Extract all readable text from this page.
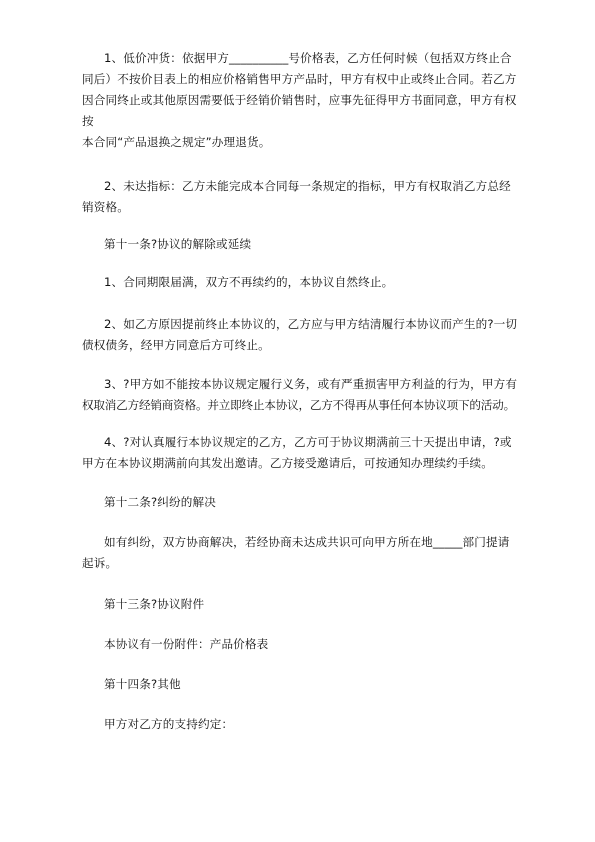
1、低价冲货：依据甲方__________号价格表，乙方任何时候（包括双方终止合
同后）不按价目表上的相应价格销售甲方产品时，甲方有权中止或终止合同。若乙方
因合同终止或其他原因需要低于经销价销售时，应事先征得甲方书面同意，甲方有权按
本合同“产品退换之规定”办理退货。
2、未达指标：乙方未能完成本合同每一条规定的指标，甲方有权取消乙方总经
销资格。
第十一条?协议的解除或延续
1、合同期限届满，双方不再续约的，本协议自然终止。
2、如乙方原因提前终止本协议的，乙方应与甲方结清履行本协议而产生的?一切
债权债务，经甲方同意后方可终止。
3、?甲方如不能按本协议规定履行义务，或有严重损害甲方利益的行为，甲方有
权取消乙方经销商资格。并立即终止本协议，乙方不得再从事任何本协议项下的活动。
4、?对认真履行本协议规定的乙方，乙方可于协议期满前三十天提出申请，?或
甲方在本协议期满前向其发出邀请。乙方接受邀请后，可按通知办理续约手续。
第十二条?纠纷的解决
如有纠纷，双方协商解决，若经协商未达成共识可向甲方所在地_____部门提请
起诉。
第十三条?协议附件
本协议有一份附件：产品价格表
第十四条?其他
甲方对乙方的支持约定：
